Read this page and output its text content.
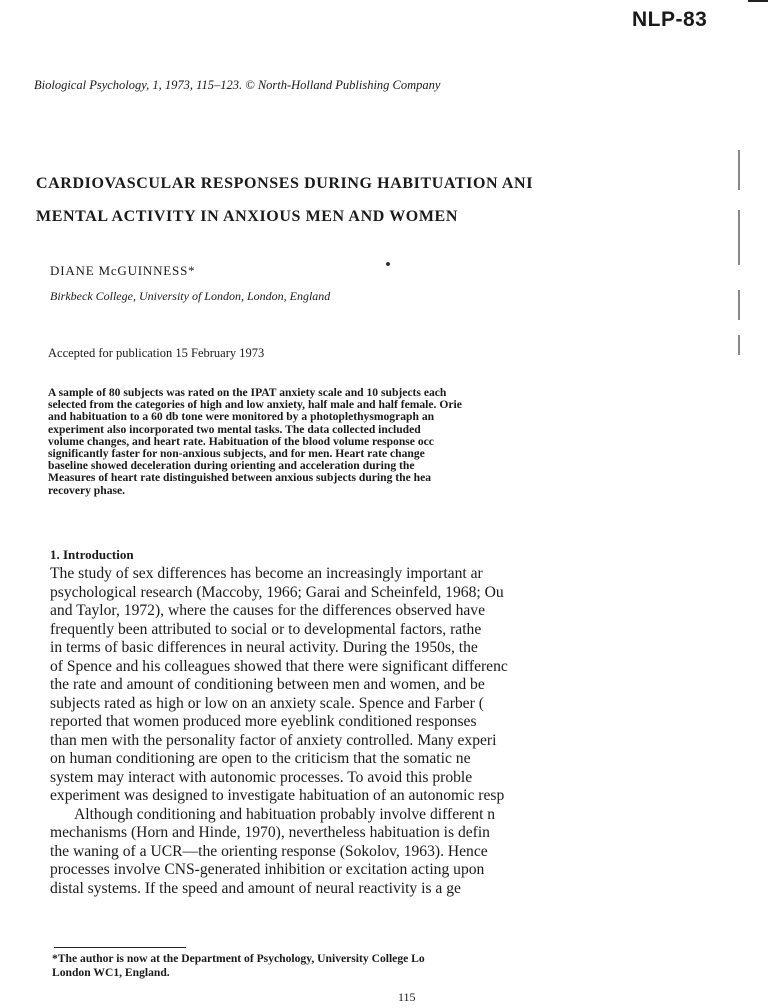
NLP-83
Biological Psychology, 1, 1973, 115–123. © North-Holland Publishing Company
CARDIOVASCULAR RESPONSES DURING HABITUATION ANI
MENTAL ACTIVITY IN ANXIOUS MEN AND WOMEN
DIANE McGUINNESS*
Birkbeck College, University of London, London, England
Accepted for publication 15 February 1973
A sample of 80 subjects was rated on the IPAT anxiety scale and 10 subjects each
selected from the categories of high and low anxiety, half male and half female. Orie
and habituation to a 60 db tone were monitored by a photoplethysmograph an
experiment also incorporated two mental tasks. The data collected included
volume changes, and heart rate. Habituation of the blood volume response occ
significantly faster for non-anxious subjects, and for men. Heart rate change
baseline showed deceleration during orienting and acceleration during the
Measures of heart rate distinguished between anxious subjects during the hea
recovery phase.
1. Introduction
The study of sex differences has become an increasingly important ar
psychological research (Maccoby, 1966; Garai and Scheinfeld, 1968; Ou
and Taylor, 1972), where the causes for the differences observed have
frequently been attributed to social or to developmental factors, rathe
in terms of basic differences in neural activity. During the 1950s, the
of Spence and his colleagues showed that there were significant differenc
the rate and amount of conditioning between men and women, and be
subjects rated as high or low on an anxiety scale. Spence and Farber (
reported that women produced more eyeblink conditioned responses
than men with the personality factor of anxiety controlled. Many experi
on human conditioning are open to the criticism that the somatic ne
system may interact with autonomic processes. To avoid this proble
experiment was designed to investigate habituation of an autonomic resp
Although conditioning and habituation probably involve different n
mechanisms (Horn and Hinde, 1970), nevertheless habituation is defin
the waning of a UCR—the orienting response (Sokolov, 1963). Hence
processes involve CNS-generated inhibition or excitation acting upon
distal systems. If the speed and amount of neural reactivity is a ge
*The author is now at the Department of Psychology, University College Lo
London WC1, England.
115
